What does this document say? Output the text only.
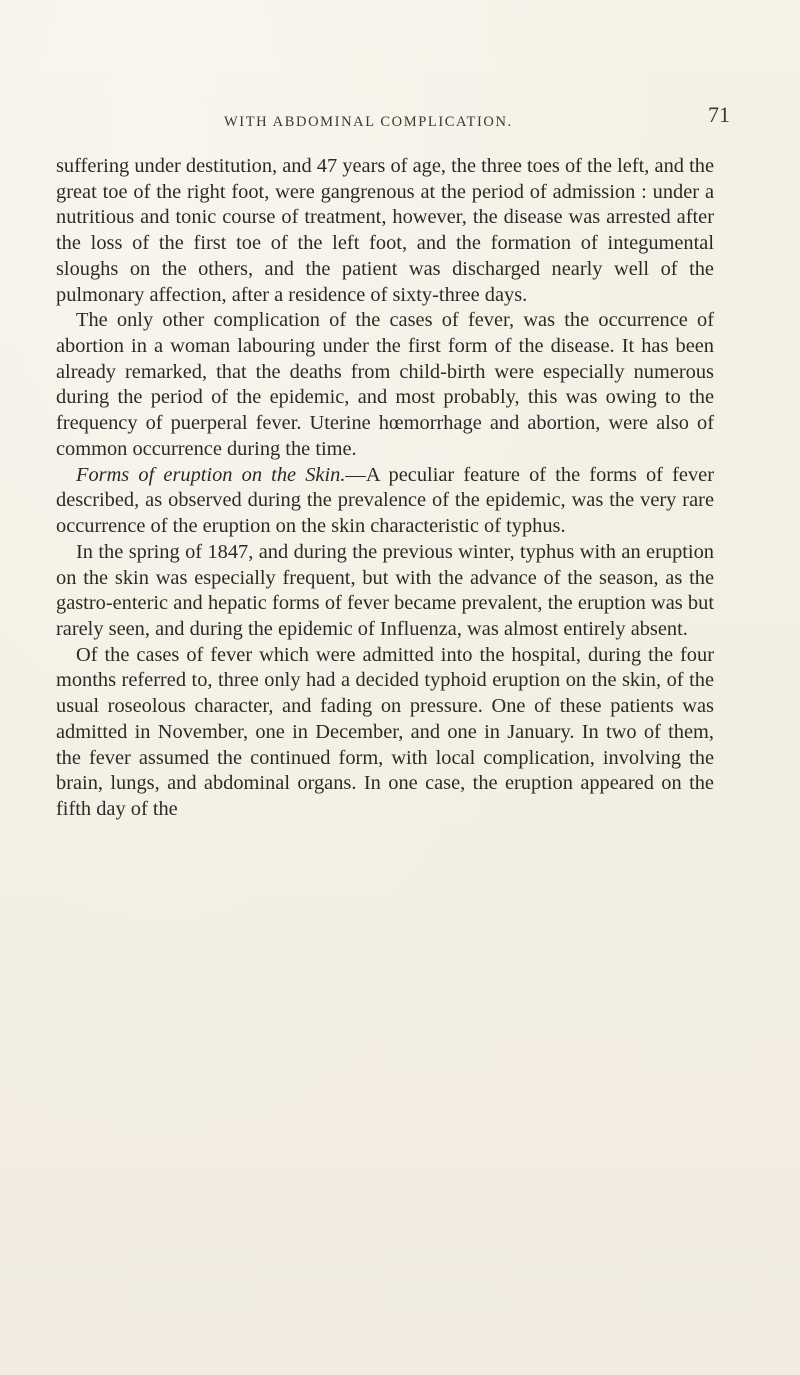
WITH ABDOMINAL COMPLICATION.	71

suffering under destitution, and 47 years of age, the three toes of the left, and the great toe of the right foot, were gangrenous at the period of admission : under a nutritious and tonic course of treatment, however, the disease was arrested after the loss of the first toe of the left foot, and the formation of integumental sloughs on the others, and the patient was discharged nearly well of the pulmonary affection, after a residence of sixty-three days.

The only other complication of the cases of fever, was the occurrence of abortion in a woman labouring under the first form of the disease. It has been already remarked, that the deaths from child-birth were especially numerous during the period of the epidemic, and most probably, this was owing to the frequency of puerperal fever. Uterine hœmorrhage and abortion, were also of common occurrence during the time.

Forms of eruption on the Skin.—A peculiar feature of the forms of fever described, as observed during the prevalence of the epidemic, was the very rare occurrence of the eruption on the skin characteristic of typhus.

In the spring of 1847, and during the previous winter, typhus with an eruption on the skin was especially frequent, but with the advance of the season, as the gastro-enteric and hepatic forms of fever became prevalent, the eruption was but rarely seen, and during the epidemic of Influenza, was almost entirely absent.

Of the cases of fever which were admitted into the hospital, during the four months referred to, three only had a decided typhoid eruption on the skin, of the usual roseolous character, and fading on pressure. One of these patients was admitted in November, one in December, and one in January. In two of them, the fever assumed the continued form, with local complication, involving the brain, lungs, and abdominal organs. In one case, the eruption appeared on the fifth day of the
